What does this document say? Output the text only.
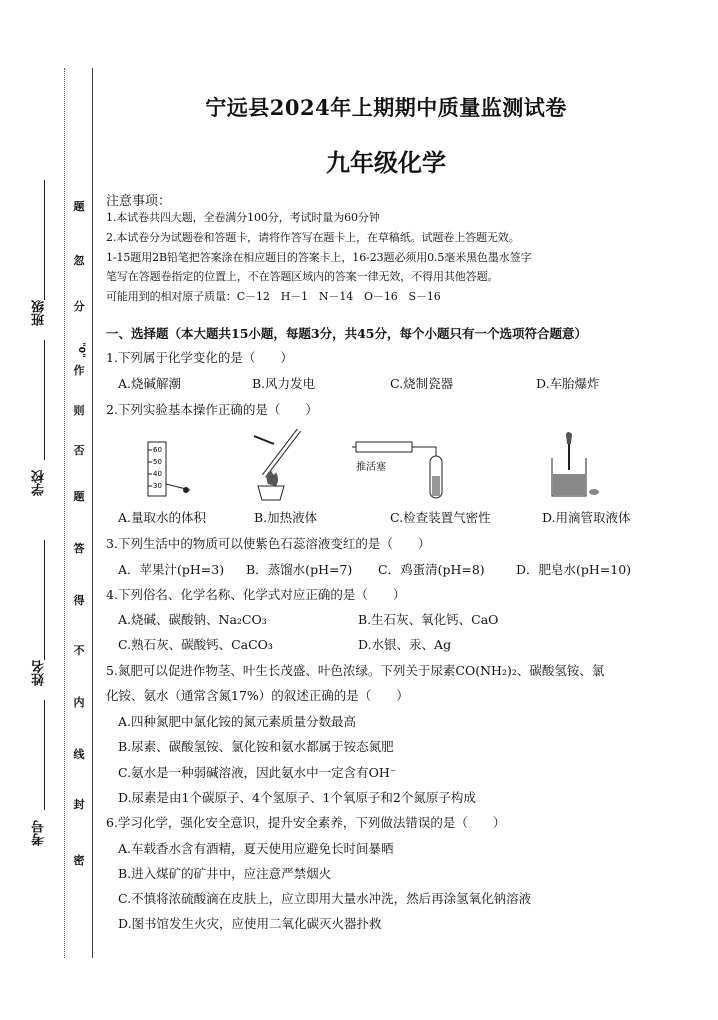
班级
学校
姓名
考号
题
忽
分
作
"0"
则
否
题
答
得
不
内
线
封
密
宁远县2024年上期期中质量监测试卷
九年级化学
注意事项：
1.本试卷共四大题，全卷满分100分，考试时量为60分钟
2.本试卷分为试题卷和答题卡，请将作答写在题卡上，在草稿纸。试题卷上答题无效。
1-15题用2B铅笔把答案涂在相应题目的答案卡上，16-23题必须用0.5毫米黑色墨水签字
笔写在答题卷指定的位置上，不在答题区域内的答案一律无效，不得用其他答题。
可能用到的相对原子质量：C－12　H－1　N－14　O－16　S－16
一、选择题（本大题共15小题，每题3分，共45分，每个小题只有一个选项符合题意）
1.下列属于化学变化的是（　　）
A.烧碱解潮	B.风力发电	C.烧制瓷器	D.车胎爆炸
2.下列实验基本操作正确的是（　　）
60
50
40
30
推活塞
A.量取水的体积	B.加热液体	C.检查装置气密性	D.用滴管取液体
3.下列生活中的物质可以使紫色石蕊溶液变红的是（　　）
A．苹果汁(pH=3) B．蒸馏水(pH=7) C．鸡蛋清(pH=8)	D．肥皂水(pH=10)
4.下列俗名、化学名称、化学式对应正确的是（　　）
A.烧碱、碳酸钠、Na₂CO₃	B.生石灰、氧化钙、CaO
C.熟石灰、碳酸钙、CaCO₃	D.水银、汞、Ag
5.氮肥可以促进作物茎、叶生长茂盛、叶色浓绿。下列关于尿素CO(NH₂)₂、碳酸氢铵、氯
化铵、氨水（通常含氮17%）的叙述正确的是（　　）
A.四种氮肥中氯化铵的氮元素质量分数最高
B.尿素、碳酸氢铵、氯化铵和氨水都属于铵态氮肥
C.氨水是一种弱碱溶液，因此氨水中一定含有OH⁻
D.尿素是由1个碳原子、4个氢原子、1个氧原子和2个氮原子构成
6.学习化学，强化安全意识，提升安全素养，下列做法错误的是（　　）
A.车载香水含有酒精，夏天使用应避免长时间暴晒
B.进入煤矿的矿井中，应注意严禁烟火
C.不慎将浓硫酸滴在皮肤上，应立即用大量水冲洗，然后再涂氢氧化钠溶液
D.图书馆发生火灾，应使用二氧化碳灭火器扑救
